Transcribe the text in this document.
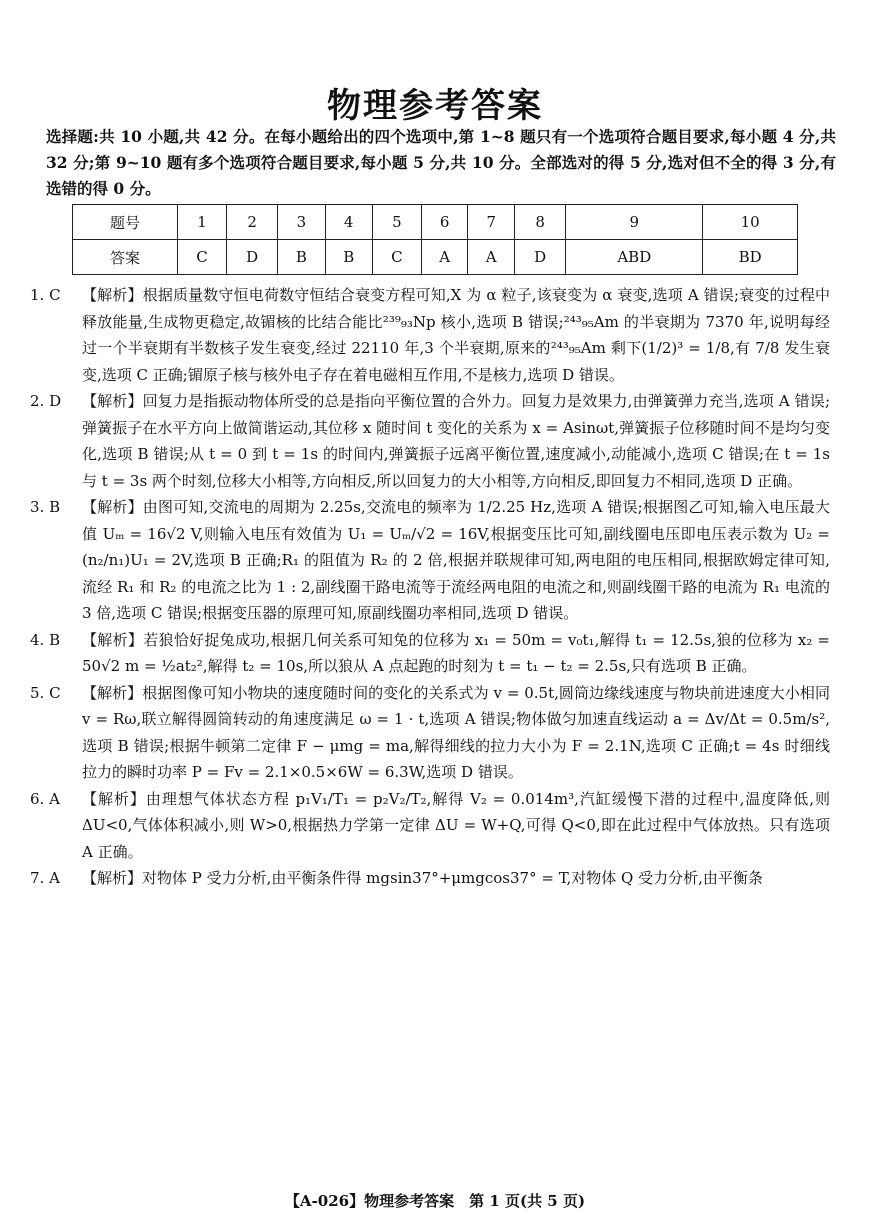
物理参考答案
选择题:共 10 小题,共 42 分。在每小题给出的四个选项中,第 1~8 题只有一个选项符合题目要求,每小题 4 分,共 32 分;第 9~10 题有多个选项符合题目要求,每小题 5 分,共 10 分。全部选对的得 5 分,选对但不全的得 3 分,有选错的得 0 分。
题号	1	2	3	4	5	6	7	8	9	10
答案	C	D	B	B	C	A	A	D	ABD	BD
1. C	【解析】根据质量数守恒电荷数守恒结合衰变方程可知,X 为 α 粒子,该衰变为 α 衰变,选项 A 错误;衰变的过程中释放能量,生成物更稳定,故镅核的比结合能比²³⁹₉₃Np 核小,选项 B 错误;²⁴³₉₅Am 的半衰期为 7370 年,说明每经过一个半衰期有半数核子发生衰变,经过 22110 年,3 个半衰期,原来的²⁴³₉₅Am 剩下(1/2)³ = 1/8,有 7/8 发生衰变,选项 C 正确;镅原子核与核外电子存在着电磁相互作用,不是核力,选项 D 错误。
2. D	【解析】回复力是指振动物体所受的总是指向平衡位置的合外力。回复力是效果力,由弹簧弹力充当,选项 A 错误;弹簧振子在水平方向上做简谐运动,其位移 x 随时间 t 变化的关系为 x = Asinωt,弹簧振子位移随时间不是均匀变化,选项 B 错误;从 t = 0 到 t = 1s 的时间内,弹簧振子远离平衡位置,速度减小,动能减小,选项 C 错误;在 t = 1s 与 t = 3s 两个时刻,位移大小相等,方向相反,所以回复力的大小相等,方向相反,即回复力不相同,选项 D 正确。
3. B	【解析】由图可知,交流电的周期为 2.25s,交流电的频率为 1/2.25 Hz,选项 A 错误;根据图乙可知,输入电压最大值 Uₘ = 16√2 V,则输入电压有效值为 U₁ = Uₘ/√2 = 16V,根据变压比可知,副线圈电压即电压表示数为 U₂ = (n₂/n₁)U₁ = 2V,选项 B 正确;R₁ 的阻值为 R₂ 的 2 倍,根据并联规律可知,两电阻的电压相同,根据欧姆定律可知,流经 R₁ 和 R₂ 的电流之比为 1 : 2,副线圈干路电流等于流经两电阻的电流之和,则副线圈干路的电流为 R₁ 电流的 3 倍,选项 C 错误;根据变压器的原理可知,原副线圈功率相同,选项 D 错误。
4. B	【解析】若狼恰好捉兔成功,根据几何关系可知兔的位移为 x₁ = 50m = v₀t₁,解得 t₁ = 12.5s,狼的位移为 x₂ = 50√2 m = ½at₂²,解得 t₂ = 10s,所以狼从 A 点起跑的时刻为 t = t₁ − t₂ = 2.5s,只有选项 B 正确。
5. C	【解析】根据图像可知小物块的速度随时间的变化的关系式为 v = 0.5t,圆筒边缘线速度与物块前进速度大小相同 v = Rω,联立解得圆筒转动的角速度满足 ω = 1 · t,选项 A 错误;物体做匀加速直线运动 a = Δv/Δt = 0.5m/s²,选项 B 错误;根据牛顿第二定律 F − μmg = ma,解得细线的拉力大小为 F = 2.1N,选项 C 正确;t = 4s 时细线拉力的瞬时功率 P = Fv = 2.1×0.5×6W = 6.3W,选项 D 错误。
6. A	【解析】由理想气体状态方程 p₁V₁/T₁ = p₂V₂/T₂,解得 V₂ = 0.014m³,汽缸缓慢下潜的过程中,温度降低,则 ΔU<0,气体体积减小,则 W>0,根据热力学第一定律 ΔU = W+Q,可得 Q<0,即在此过程中气体放热。只有选项 A 正确。
7. A	【解析】对物体 P 受力分析,由平衡条件得 mgsin37°+μmgcos37° = T,对物体 Q 受力分析,由平衡条
【A-026】物理参考答案　第 1 页(共 5 页)
